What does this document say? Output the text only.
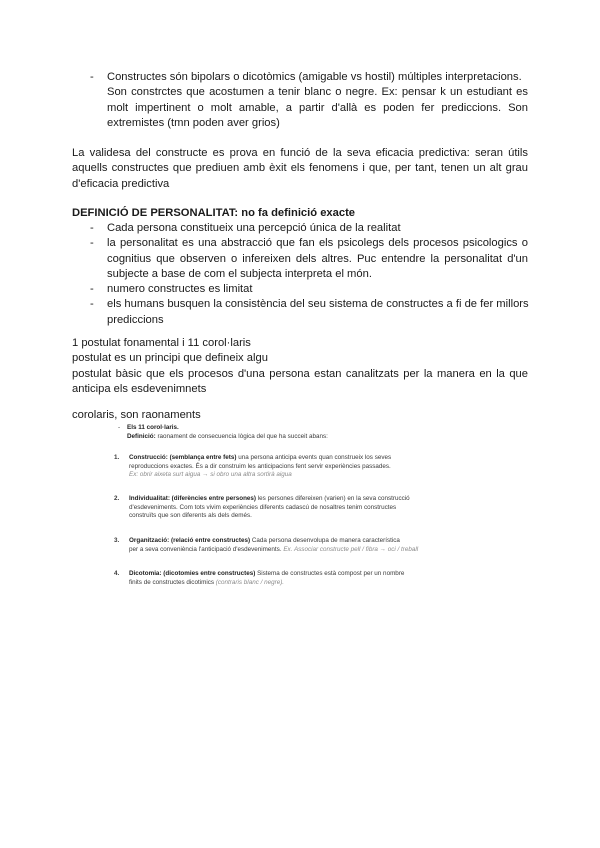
- Constructes són bipolars o dicotòmics (amigable vs hostil) múltiples interpretacions.
Son constrctes que acostumen a tenir blanc o negre. Ex: pensar k un estudiant es
molt impertinent o molt amable, a partir d'allà es poden fer prediccions. Son
extremistes (tmn poden aver grios)
La validesa del constructe es prova en funció de la seva eficacia predictiva: seran útils
aquells constructes que prediuen amb èxit els fenomens i que, per tant, tenen un alt grau
d'eficacia predictiva
DEFINICIÓ DE PERSONALITAT: no fa definició exacte
- Cada persona constitueix una percepció única de la realitat
- la personalitat es una abstracció que fan els psicolegs dels procesos psicologics o
cognitius que observen o infereixen dels altres. Puc entendre la personalitat d'un
subjecte a base de com el subjecta interpreta el món.
- numero constructes es limitat
- els humans busquen la consistència del seu sistema de constructes a fi de fer millors
prediccions
1 postulat fonamental i 11 corol·laris
postulat es un principi que defineix algu
postulat bàsic que els procesos d'una persona estan canalitzats per la manera en la que
anticipa els esdevenimnets
corolaris, son raonaments
- Els 11 corol·laris.
Definició: raonament de consecuencia lògica del que ha succeit abans:
1. Construcció: (semblança entre fets) una persona anticipa events quan construeix los seves
reproduccions exactes. És a dir construim les anticipacions fent servir experiències passades.
Ex: obrir aixeta surt aigua → si obro una altra sortirà aigua
2. Individualitat: (diferències entre persones) les persones difereixen (varien) en la seva construcció
d'esdeveniments. Com tots vivim experiències diferents cadascú de nosaltres tenim constructes
construïts que son diferents als dels demés.
3. Organització: (relació entre constructes) Cada persona desenvolupa de manera característica
per a seva conveniència l'anticipació d'esdeveniments. Ex. Associar constructe pell / fibra → oci / treball
4. Dicotomia: (dicotomies entre constructes) Sistema de constructes està compost per un nombre
finits de constructes dicotimics (contraris blanc / negre).
